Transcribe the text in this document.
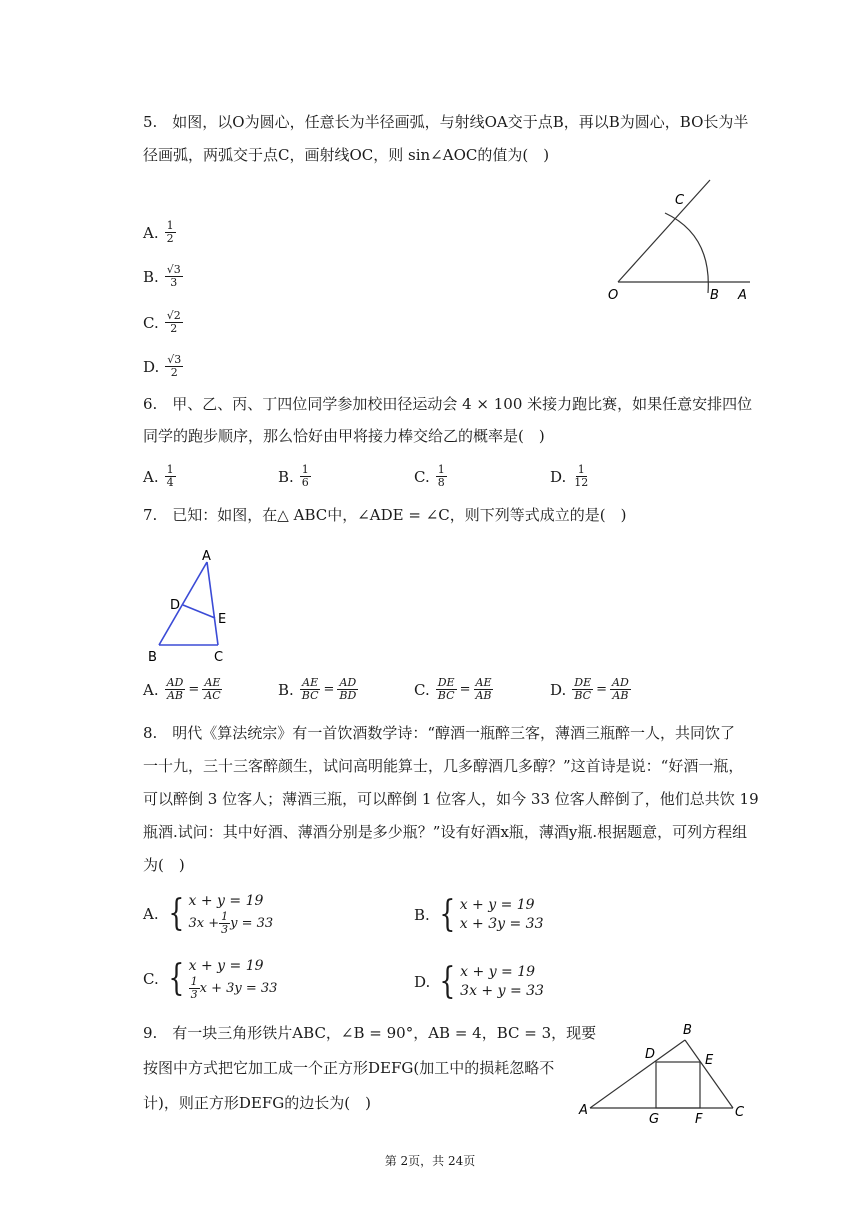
5.　如图，以O为圆心，任意长为半径画弧，与射线OA交于点B，再以B为圆心，BO长为半
径画弧，两弧交于点C，画射线OC，则 sin∠AOC的值为(　)
A. $\frac{1}{2}$
B. $\frac{√3}{3}$
C. $\frac{√2}{2}$
D. $\frac{√3}{2}$
C
O	B A
6.　甲、乙、丙、丁四位同学参加校田径运动会 4 × 100 米接力跑比赛，如果任意安排四位
同学的跑步顺序，那么恰好由甲将接力棒交给乙的概率是(　)
A. $\frac{1}{4}$	B. $\frac{1}{6}$	C. $\frac{1}{8}$	D. $\frac{1}{12}$
7.　已知：如图，在△ ABC中，∠ADE = ∠C，则下列等式成立的是(　)
A
D
E
B	C
A. $\frac{AD}{AB} = \frac{AE}{AC}$	B. $\frac{AE}{BC} = \frac{AD}{BD}$	C. $\frac{DE}{BC} = \frac{AE}{AB}$	D. $\frac{DE}{BC} = \frac{AD}{AB}$
8.　明代《算法统宗》有一首饮酒数学诗：“醇酒一瓶醉三客，薄酒三瓶醉一人，共同饮了
一十九，三十三客醉颜生，试问高明能算士，几多醇酒几多醇？”这首诗是说：“好酒一瓶，
可以醉倒 3 位客人；薄酒三瓶，可以醉倒 1 位客人，如今 33 位客人醉倒了，他们总共饮 19
瓶酒.试问：其中好酒、薄酒分别是多少瓶？”设有好酒x瓶，薄酒y瓶.根据题意，可列方程组
为(　)
A. { x + y = 19
$3x + \frac{1}{3}$ y = 33	B. { x + y = 19
x + 3y = 33
C. { x + y = 19
$\frac{1}{3}$ x + 3y = 33	D. { x + y = 19
3x + y = 33
9.　有一块三角形铁片ABC，∠B = 90°，AB = 4，BC = 3，现要
按图中方式把它加工成一个正方形DEFG(加工中的损耗忽略不
计)，则正方形DEFG的边长为(　)
B
D	E
A
G	F	C
第 2页，共 24页
